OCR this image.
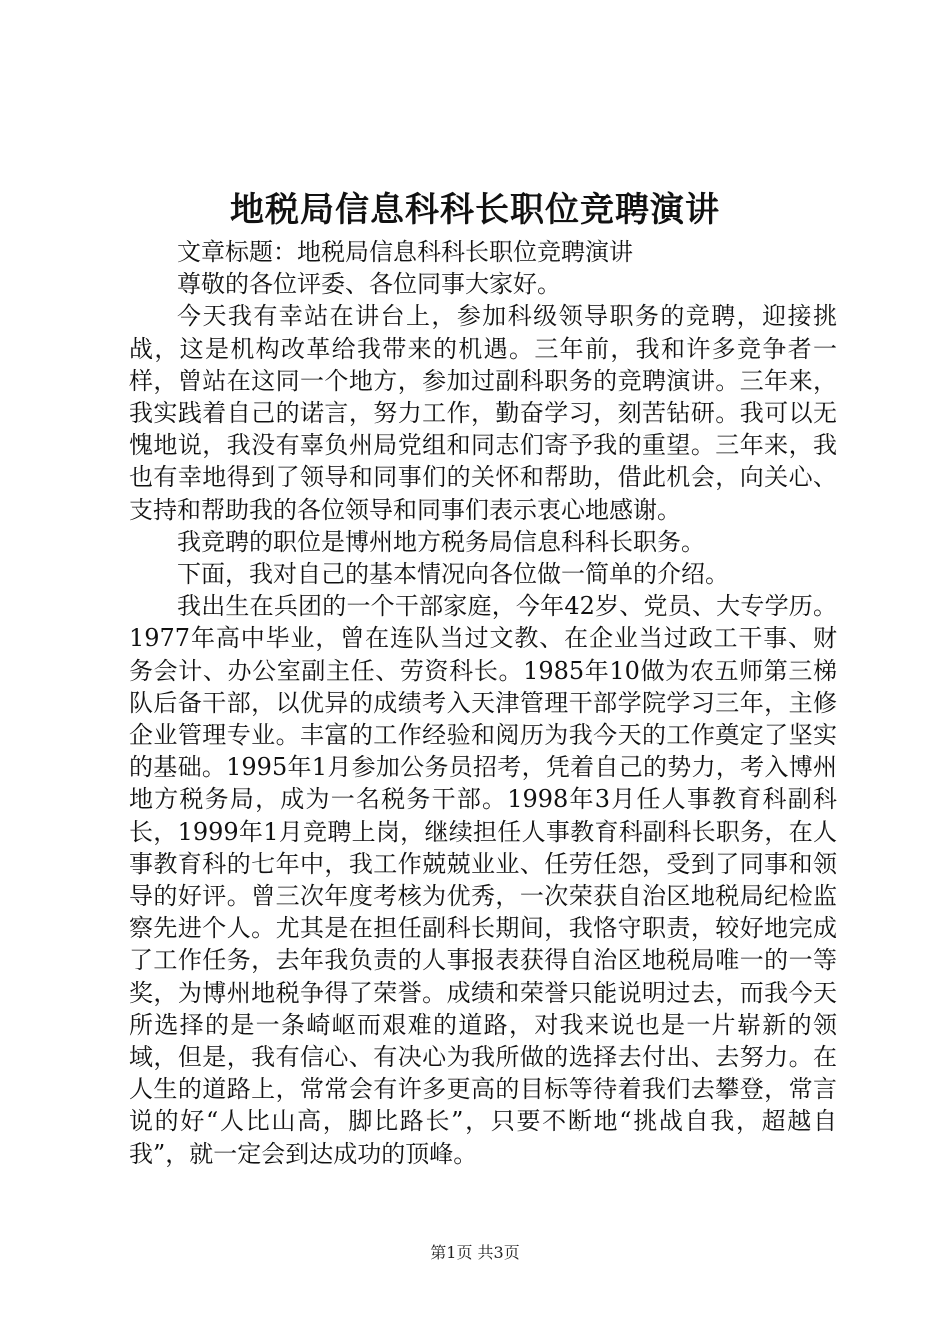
地税局信息科科长职位竞聘演讲

文章标题：地税局信息科科长职位竞聘演讲

尊敬的各位评委、各位同事大家好。

今天我有幸站在讲台上，参加科级领导职务的竞聘，迎接挑战，这是机构改革给我带来的机遇。三年前，我和许多竞争者一样，曾站在这同一个地方，参加过副科职务的竞聘演讲。三年来，我实践着自己的诺言，努力工作，勤奋学习，刻苦钻研。我可以无愧地说，我没有辜负州局党组和同志们寄予我的重望。三年来，我也有幸地得到了领导和同事们的关怀和帮助，借此机会，向关心、支持和帮助我的各位领导和同事们表示衷心地感谢。

我竞聘的职位是博州地方税务局信息科科长职务。

下面，我对自己的基本情况向各位做一简单的介绍。

我出生在兵团的一个干部家庭，今年42岁、党员、大专学历。1977年高中毕业，曾在连队当过文教、在企业当过政工干事、财务会计、办公室副主任、劳资科长。1985年10做为农五师第三梯队后备干部，以优异的成绩考入天津管理干部学院学习三年，主修企业管理专业。丰富的工作经验和阅历为我今天的工作奠定了坚实的基础。1995年1月参加公务员招考，凭着自己的势力，考入博州地方税务局，成为一名税务干部。1998年3月任人事教育科副科长，1999年1月竞聘上岗，继续担任人事教育科副科长职务，在人事教育科的七年中，我工作兢兢业业、任劳任怨，受到了同事和领导的好评。曾三次年度考核为优秀，一次荣获自治区地税局纪检监察先进个人。尤其是在担任副科长期间，我恪守职责，较好地完成了工作任务，去年我负责的人事报表获得自治区地税局唯一的一等奖，为博州地税争得了荣誉。成绩和荣誉只能说明过去，而我今天所选择的是一条崎岖而艰难的道路，对我来说也是一片崭新的领域，但是，我有信心、有决心为我所做的选择去付出、去努力。在人生的道路上，常常会有许多更高的目标等待着我们去攀登，常言说的好“人比山高，脚比路长”，只要不断地“挑战自我，超越自我”，就一定会到达成功的顶峰。

第1页 共3页
